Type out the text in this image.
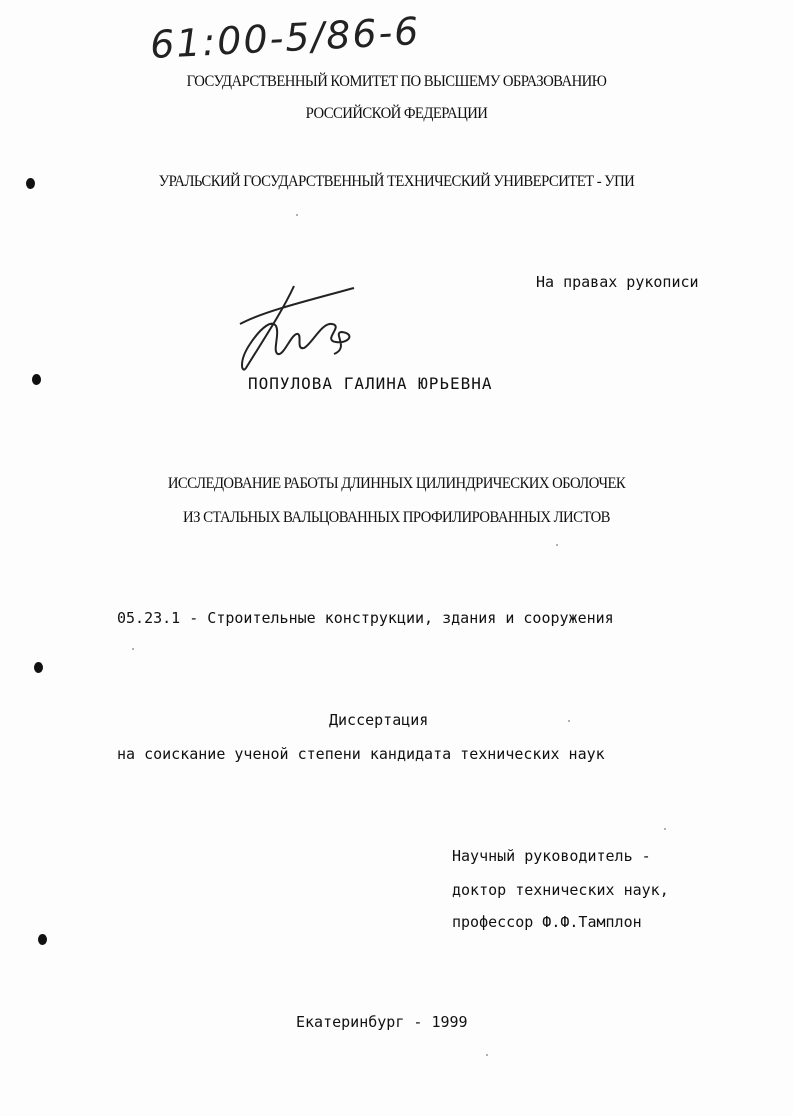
61:00-5/86-6
ГОСУДАРСТВЕННЫЙ КОМИТЕТ ПО ВЫСШЕМУ ОБРАЗОВАНИЮ
РОССИЙСКОЙ ФЕДЕРАЦИИ
УРАЛЬСКИЙ ГОСУДАРСТВЕННЫЙ ТЕХНИЧЕСКИЙ УНИВЕРСИТЕТ - УПИ
На правах рукописи
ПОПУЛОВА ГАЛИНА ЮРЬЕВНА
ИССЛЕДОВАНИЕ РАБОТЫ ДЛИННЫХ ЦИЛИНДРИЧЕСКИХ ОБОЛОЧЕК
ИЗ СТАЛЬНЫХ ВАЛЬЦОВАННЫХ ПРОФИЛИРОВАННЫХ ЛИСТОВ
05.23.1 - Строительные конструкции, здания и сооружения
Диссертация
на соискание ученой степени кандидата технических наук
Научный руководитель -
доктор технических наук,
профессор Ф.Ф.Тамплон
Екатеринбург - 1999
